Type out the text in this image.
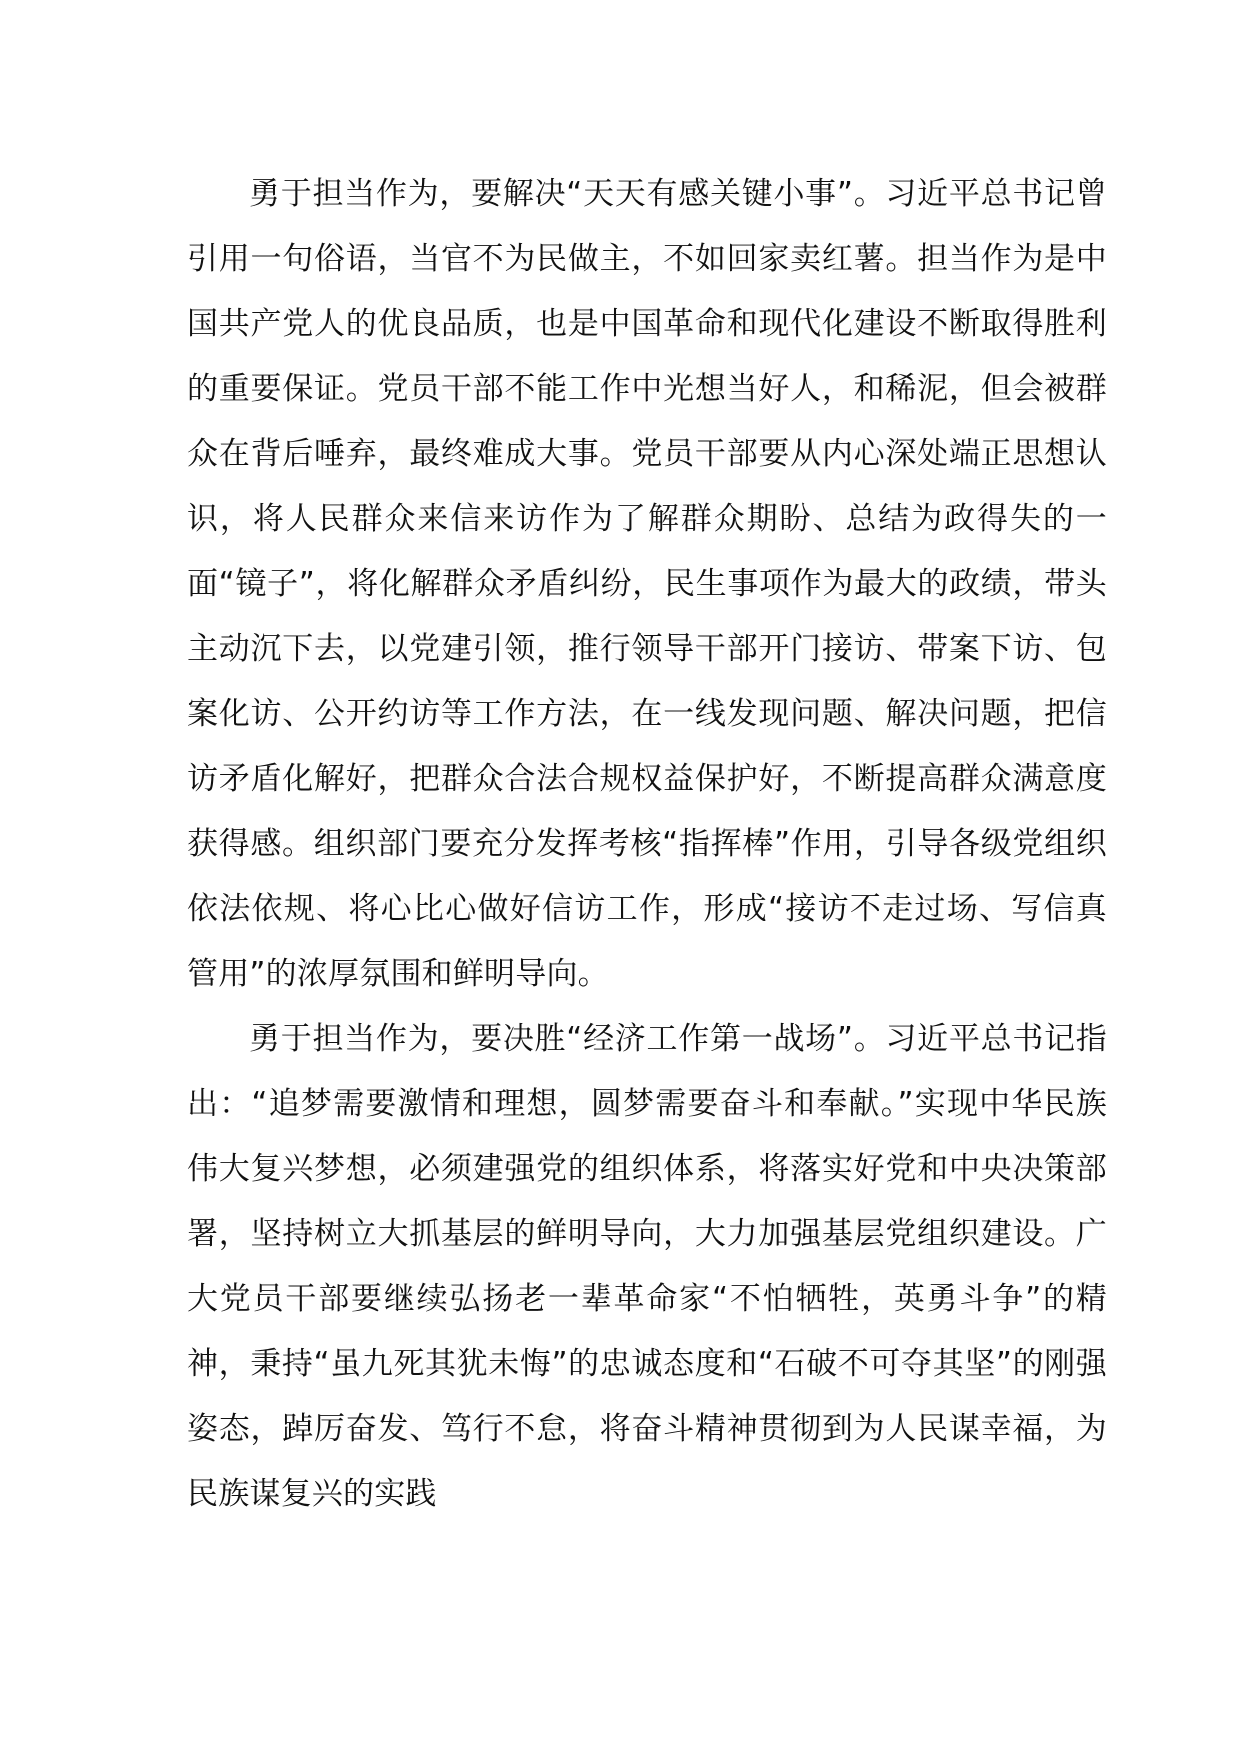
勇于担当作为，要解决“天天有感关键小事”。习近平总书记曾引用一句俗语，当官不为民做主，不如回家卖红薯。担当作为是中国共产党人的优良品质，也是中国革命和现代化建设不断取得胜利的重要保证。党员干部不能工作中光想当好人，和稀泥，但会被群众在背后唾弃，最终难成大事。党员干部要从内心深处端正思想认识，将人民群众来信来访作为了解群众期盼、总结为政得失的一面“镜子”，将化解群众矛盾纠纷，民生事项作为最大的政绩，带头主动沉下去，以党建引领，推行领导干部开门接访、带案下访、包案化访、公开约访等工作方法，在一线发现问题、解决问题，把信访矛盾化解好，把群众合法合规权益保护好，不断提高群众满意度获得感。组织部门要充分发挥考核“指挥棒”作用，引导各级党组织依法依规、将心比心做好信访工作，形成“接访不走过场、写信真管用”的浓厚氛围和鲜明导向。

勇于担当作为，要决胜“经济工作第一战场”。习近平总书记指出：“追梦需要激情和理想，圆梦需要奋斗和奉献。”实现中华民族伟大复兴梦想，必须建强党的组织体系，将落实好党和中央决策部署，坚持树立大抓基层的鲜明导向，大力加强基层党组织建设。广大党员干部要继续弘扬老一辈革命家“不怕牺牲，英勇斗争”的精神，秉持“虽九死其犹未悔”的忠诚态度和“石破不可夺其坚”的刚强姿态，踔厉奋发、笃行不怠，将奋斗精神贯彻到为人民谋幸福，为民族谋复兴的实践
